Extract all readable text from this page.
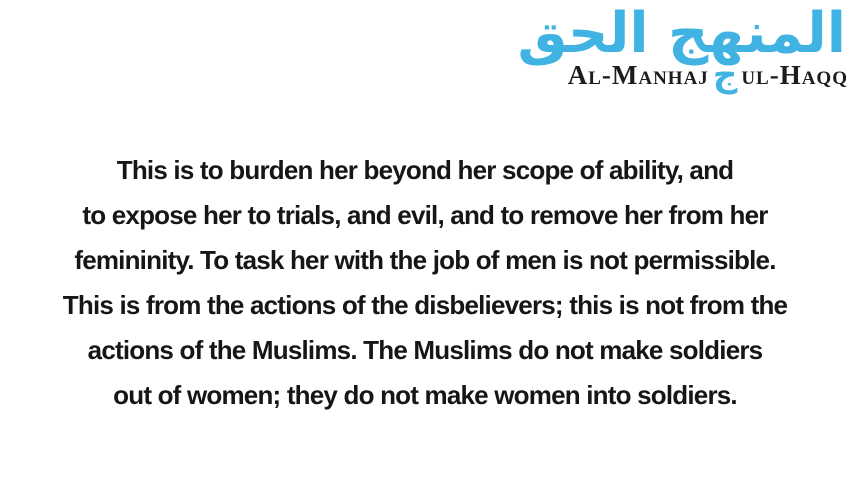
المنهج الحق
Al-Manhaj ج ul-Haqq
This is to burden her beyond her scope of ability, and
to expose her to trials, and evil, and to remove her from her
femininity. To task her with the job of men is not permissible.
This is from the actions of the disbelievers; this is not from the
actions of the Muslims. The Muslims do not make soldiers
out of women; they do not make women into soldiers.
